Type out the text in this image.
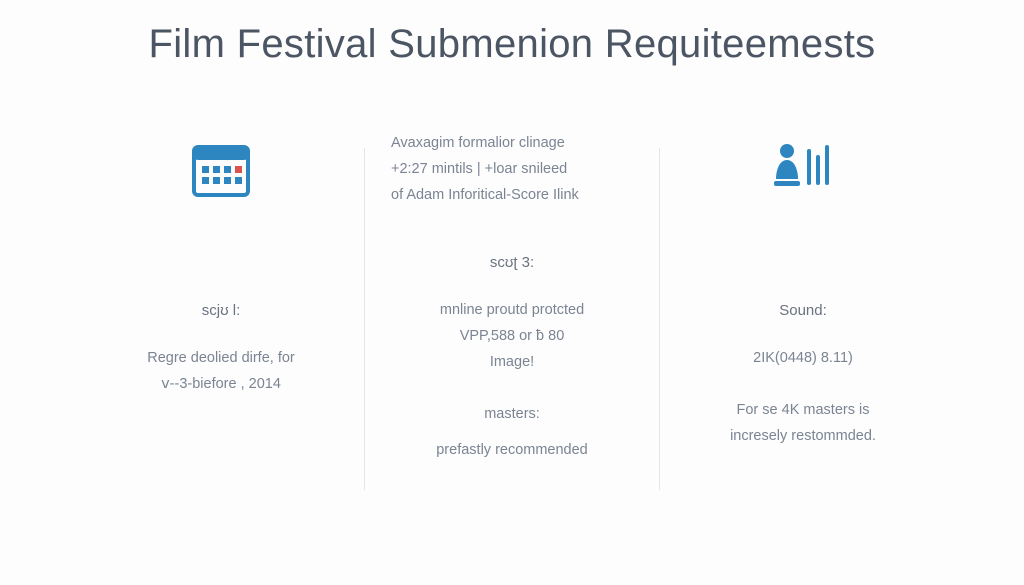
Film Festival Submenion Requiteemests
scjʊ l:
Regre deolied dirfe, for
ⅴ--3-biefore , 2014
Avaxagim formalior clinage
+2:27 mintils | +loar snileed
of Adam Inforitical-Score Ilink
scʊʈ 3:
mnline proutd protcted
VPP,588 or ƀ 80
Image!
masters:
prefastly recommended
Sound:
2IK(0448) 8.11)
For se 4K masters is
incresely restommded.
